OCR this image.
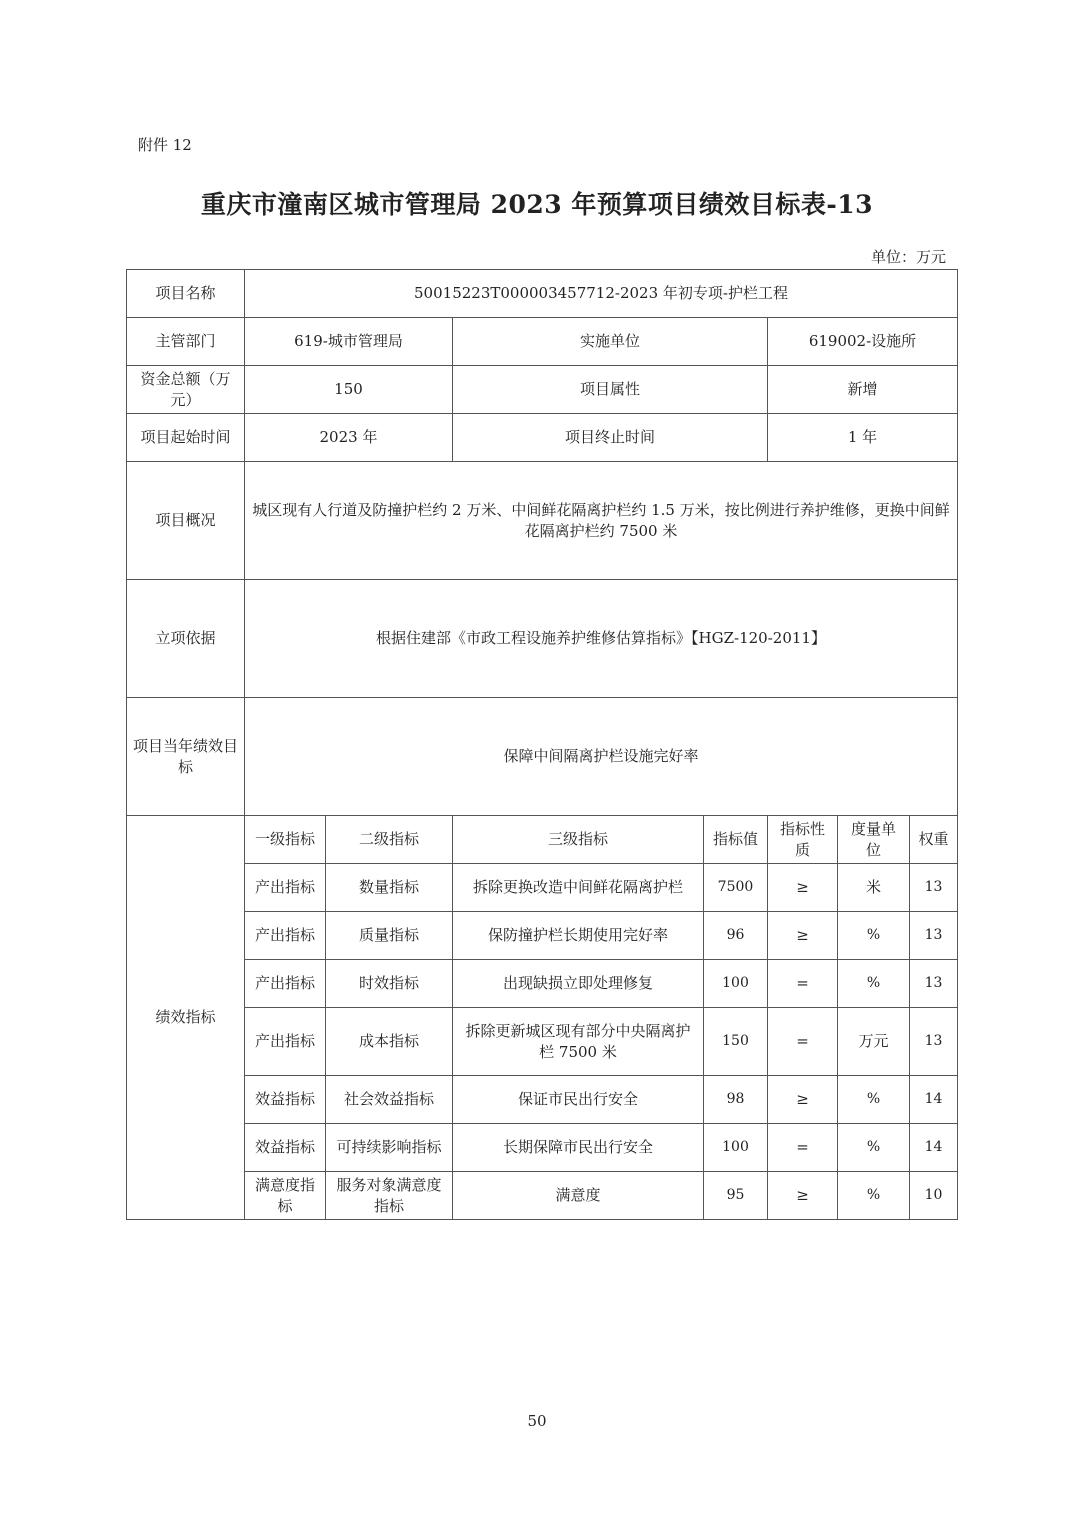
附件 12
重庆市潼南区城市管理局 2023 年预算项目绩效目标表-13
单位：万元
项目名称	50015223T000003457712-2023 年初专项-护栏工程						
主管部门	619-城市管理局		实施单位		619002-设施所		
资金总额（万元）	150		项目属性		新增		
项目起始时间	2023 年		项目终止时间		1 年		
项目概况	城区现有人行道及防撞护栏约 2 万米、中间鲜花隔离护栏约 1.5 万米，按比例进行养护维修，更换中间鲜花隔离护栏约 7500 米						
立项依据	根据住建部《市政工程设施养护维修估算指标》【HGZ-120-2011】						
项目当年绩效目标	保障中间隔离护栏设施完好率						
绩效指标	一级指标	二级指标	三级指标	指标值	指标性质	度量单位	权重
	产出指标	数量指标	拆除更换改造中间鲜花隔离护栏	7500	≥	米	13
	产出指标	质量指标	保防撞护栏长期使用完好率	96	≥	%	13
	产出指标	时效指标	出现缺损立即处理修复	100	=	%	13
	产出指标	成本指标	拆除更新城区现有部分中央隔离护栏 7500 米	150	=	万元	13
	效益指标	社会效益指标	保证市民出行安全	98	≥	%	14
	效益指标	可持续影响指标	长期保障市民出行安全	100	=	%	14
	满意度指标	服务对象满意度指标	满意度	95	≥	%	10
50
